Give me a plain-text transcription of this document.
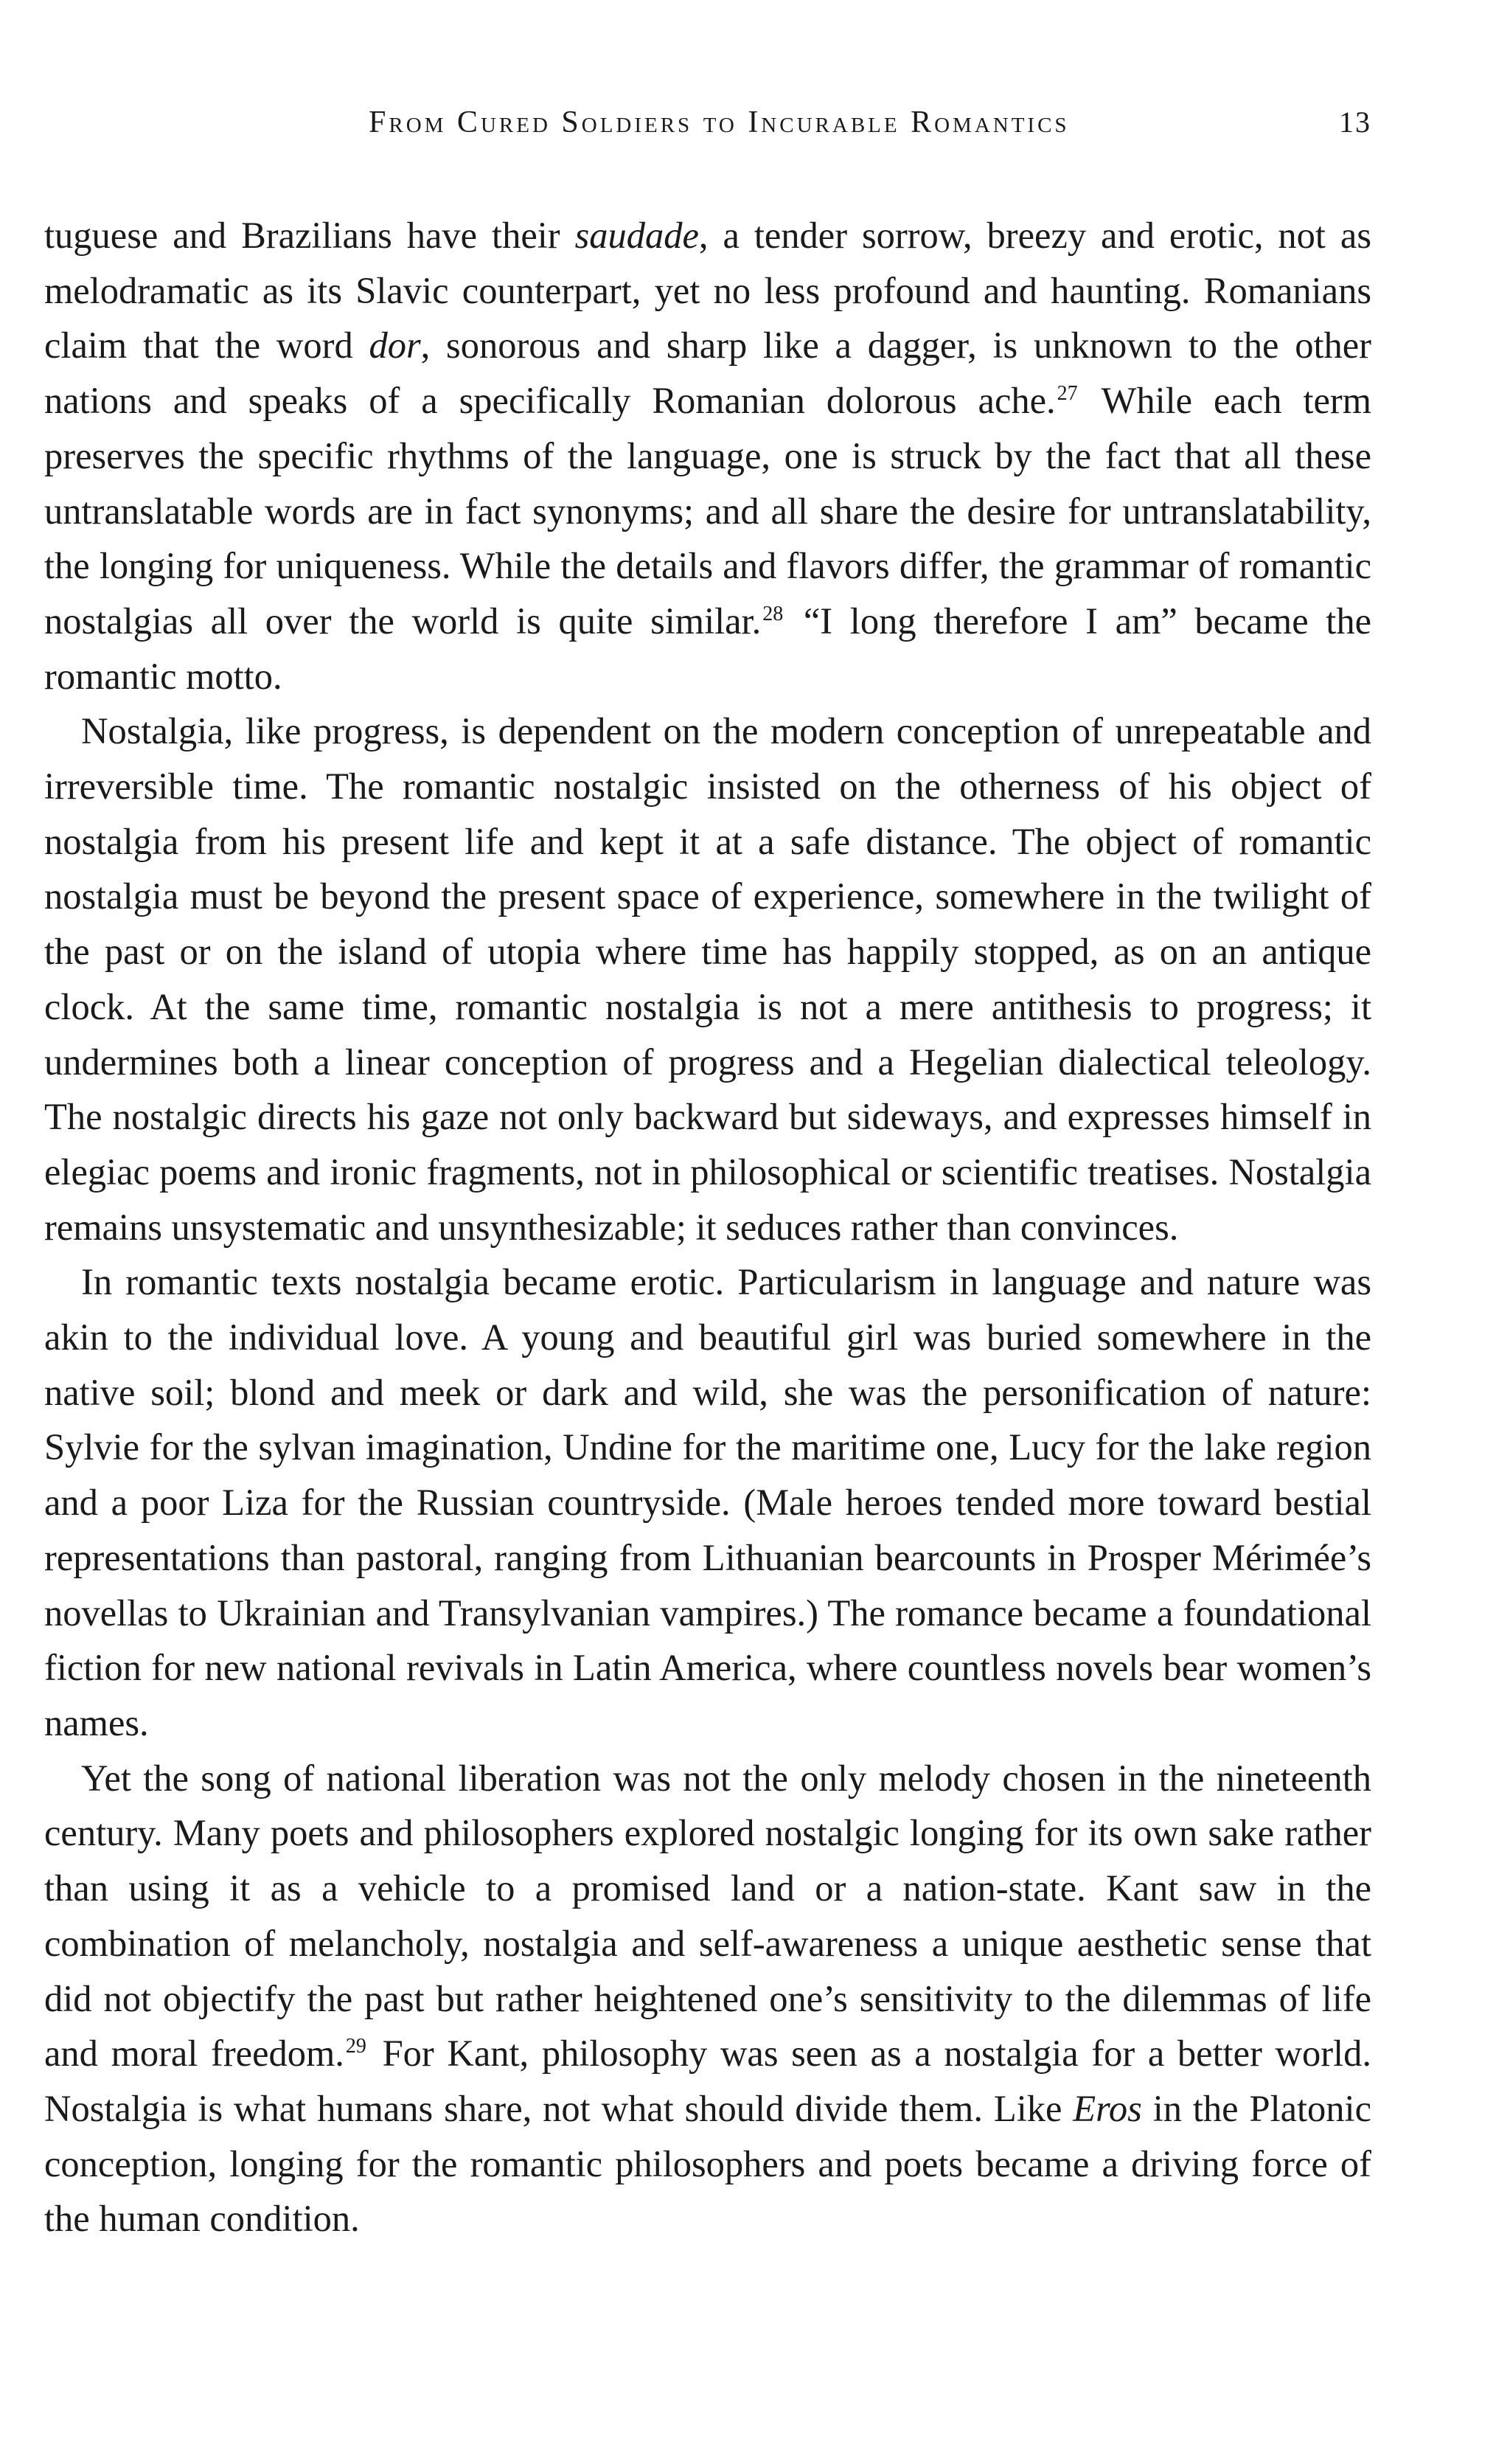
From Cured Soldiers to Incurable Romantics	13

tuguese and Brazilians have their saudade, a tender sorrow, breezy and erotic, not as melodramatic as its Slavic counterpart, yet no less profound and haunting. Romanians claim that the word dor, sonorous and sharp like a dagger, is unknown to the other nations and speaks of a specifically Romanian dolorous ache.$^{27}$ While each term preserves the specific rhythms of the language, one is struck by the fact that all these untranslatable words are in fact synonyms; and all share the desire for untranslatability, the longing for uniqueness. While the details and flavors differ, the grammar of romantic nostalgias all over the world is quite similar.$^{28}$ “I long therefore I am” became the romantic motto.

Nostalgia, like progress, is dependent on the modern conception of unrepeatable and irreversible time. The romantic nostalgic insisted on the otherness of his object of nostalgia from his present life and kept it at a safe distance. The object of romantic nostalgia must be beyond the present space of experience, somewhere in the twilight of the past or on the island of utopia where time has happily stopped, as on an antique clock. At the same time, romantic nostalgia is not a mere antithesis to progress; it undermines both a linear conception of progress and a Hegelian dialectical teleology. The nostalgic directs his gaze not only backward but sideways, and expresses himself in elegiac poems and ironic fragments, not in philosophical or scientific treatises. Nostalgia remains unsystematic and unsynthesizable; it seduces rather than convinces.

In romantic texts nostalgia became erotic. Particularism in language and nature was akin to the individual love. A young and beautiful girl was buried somewhere in the native soil; blond and meek or dark and wild, she was the personification of nature: Sylvie for the sylvan imagination, Undine for the maritime one, Lucy for the lake region and a poor Liza for the Russian countryside. (Male heroes tended more toward bestial representations than pastoral, ranging from Lithuanian bearcounts in Prosper Mérimée’s novellas to Ukrainian and Transylvanian vampires.) The romance became a foundational fiction for new national revivals in Latin America, where countless novels bear women’s names.

Yet the song of national liberation was not the only melody chosen in the nineteenth century. Many poets and philosophers explored nostalgic longing for its own sake rather than using it as a vehicle to a promised land or a nation-state. Kant saw in the combination of melancholy, nostalgia and self-awareness a unique aesthetic sense that did not objectify the past but rather heightened one’s sensitivity to the dilemmas of life and moral freedom.$^{29}$ For Kant, philosophy was seen as a nostalgia for a better world. Nostalgia is what humans share, not what should divide them. Like Eros in the Platonic conception, longing for the romantic philosophers and poets became a driving force of the human condition.
